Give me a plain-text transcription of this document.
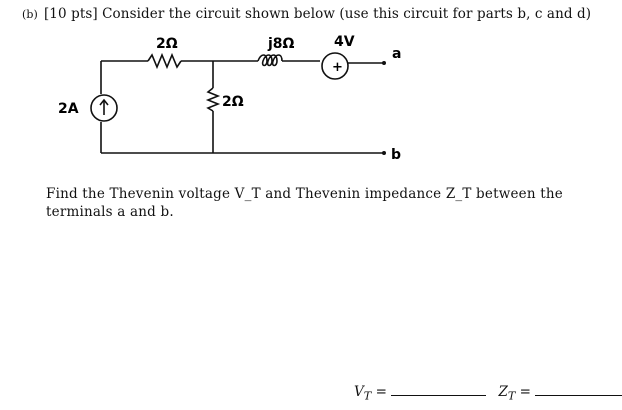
(b) [10 pts] Consider the circuit shown below (use this circuit for parts b, c and d)
2Ω	j8Ω	4V
+
2Ω
2A
a
b
Find the Thevenin voltage V_T and Thevenin impedance Z_T between the terminals a and b.
$V_T$ =	$Z_T$ =
